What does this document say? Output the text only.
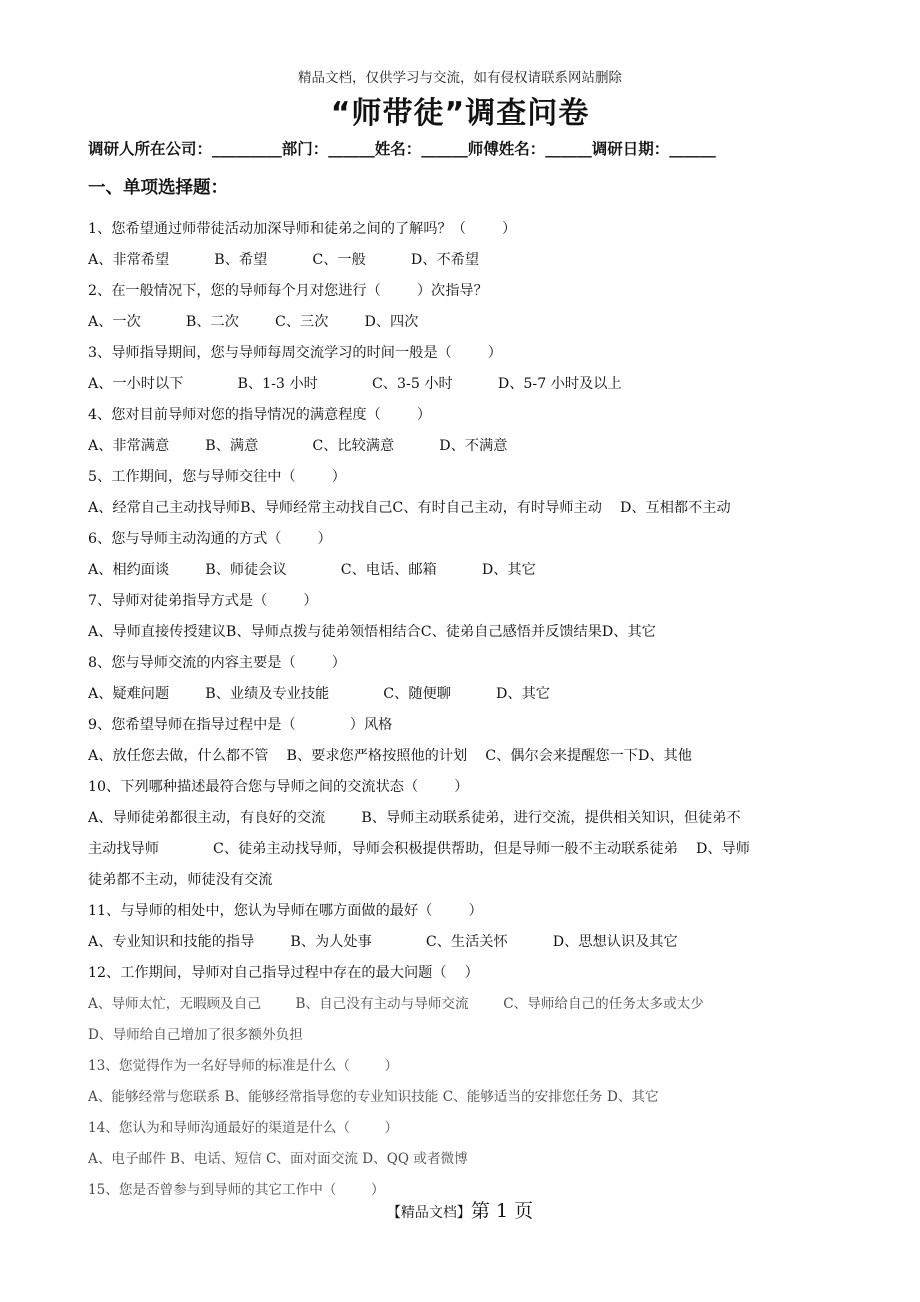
精品文档，仅供学习与交流，如有侵权请联系网站删除
“师带徒”调查问卷
调研人所在公司：_________部门：______姓名：______师傅姓名：______调研日期：______
一、单项选择题：
1、您希望通过师带徒活动加深导师和徒弟之间的了解吗？（        ）
A、非常希望          B、希望          C、一般          D、不希望
2、在一般情况下，您的导师每个月对您进行（        ）次指导？
A、一次          B、二次        C、三次        D、四次
3、导师指导期间，您与导师每周交流学习的时间一般是（        ）
A、一小时以下            B、1-3 小时            C、3-5 小时          D、5-7 小时及以上
4、您对目前导师对您的指导情况的满意程度（        ）
A、非常满意        B、满意            C、比较满意          D、不满意
5、工作期间，您与导师交往中（        ）
A、经常自己主动找导师B、导师经常主动找自己C、有时自己主动，有时导师主动    D、互相都不主动
6、您与导师主动沟通的方式（        ）
A、相约面谈        B、师徒会议            C、电话、邮箱          D、其它
7、导师对徒弟指导方式是（        ）
A、导师直接传授建议B、导师点拨与徒弟领悟相结合C、徒弟自己感悟并反馈结果D、其它
8、您与导师交流的内容主要是（        ）
A、疑难问题        B、业绩及专业技能            C、随便聊          D、其它
9、您希望导师在指导过程中是（            ）风格
A、放任您去做，什么都不管    B、要求您严格按照他的计划    C、偶尔会来提醒您一下D、其他
10、下列哪种描述最符合您与导师之间的交流状态（        ）
A、导师徒弟都很主动，有良好的交流        B、导师主动联系徒弟，进行交流，提供相关知识，但徒弟不
主动找导师            C、徒弟主动找导师，导师会积极提供帮助，但是导师一般不主动联系徒弟    D、导师
徒弟都不主动，师徒没有交流
11、与导师的相处中，您认为导师在哪方面做的最好（        ）
A、专业知识和技能的指导        B、为人处事            C、生活关怀          D、思想认识及其它
12、工作期间，导师对自己指导过程中存在的最大问题（    ）
A、导师太忙，无暇顾及自己        B、自己没有主动与导师交流        C、导师给自己的任务太多或太少
D、导师给自己增加了很多额外负担
13、您觉得作为一名好导师的标准是什么（        ）
A、能够经常与您联系 B、能够经常指导您的专业知识技能 C、能够适当的安排您任务 D、其它
14、您认为和导师沟通最好的渠道是什么（        ）
A、电子邮件 B、电话、短信 C、面对面交流 D、QQ 或者微博
15、您是否曾参与到导师的其它工作中（        ）
【精品文档】第 1 页
